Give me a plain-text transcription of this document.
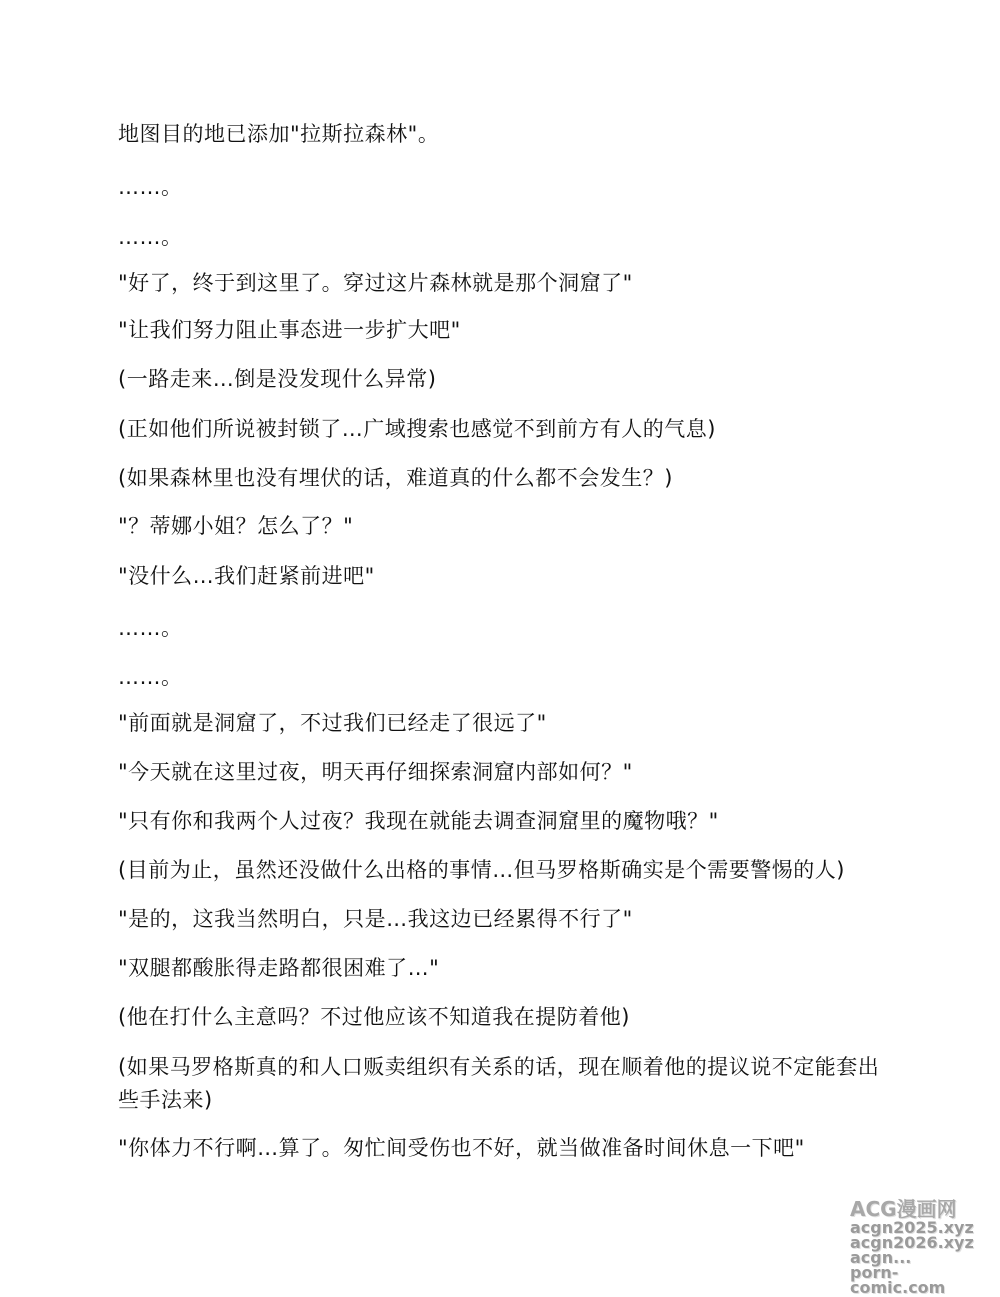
地图目的地已添加"拉斯拉森林"。
……。
……。
"好了，终于到这里了。穿过这片森林就是那个洞窟了"
"让我们努力阻止事态进一步扩大吧"
(一路走来…倒是没发现什么异常)
(正如他们所说被封锁了…广域搜索也感觉不到前方有人的气息)
(如果森林里也没有埋伏的话，难道真的什么都不会发生？)
"？蒂娜小姐？怎么了？"
"没什么…我们赶紧前进吧"
……。
……。
"前面就是洞窟了，不过我们已经走了很远了"
"今天就在这里过夜，明天再仔细探索洞窟内部如何？"
"只有你和我两个人过夜？我现在就能去调查洞窟里的魔物哦？"
(目前为止，虽然还没做什么出格的事情…但马罗格斯确实是个需要警惕的人)
"是的，这我当然明白，只是…我这边已经累得不行了"
"双腿都酸胀得走路都很困难了…"
(他在打什么主意吗？不过他应该不知道我在提防着他)
(如果马罗格斯真的和人口贩卖组织有关系的话，现在顺着他的提议说不定能套出些手法来)
"你体力不行啊…算了。匆忙间受伤也不好，就当做准备时间休息一下吧"
ACG漫画网
acgn2025.xyz
acgn2026.xyz
acgn...
porn-comic.com
